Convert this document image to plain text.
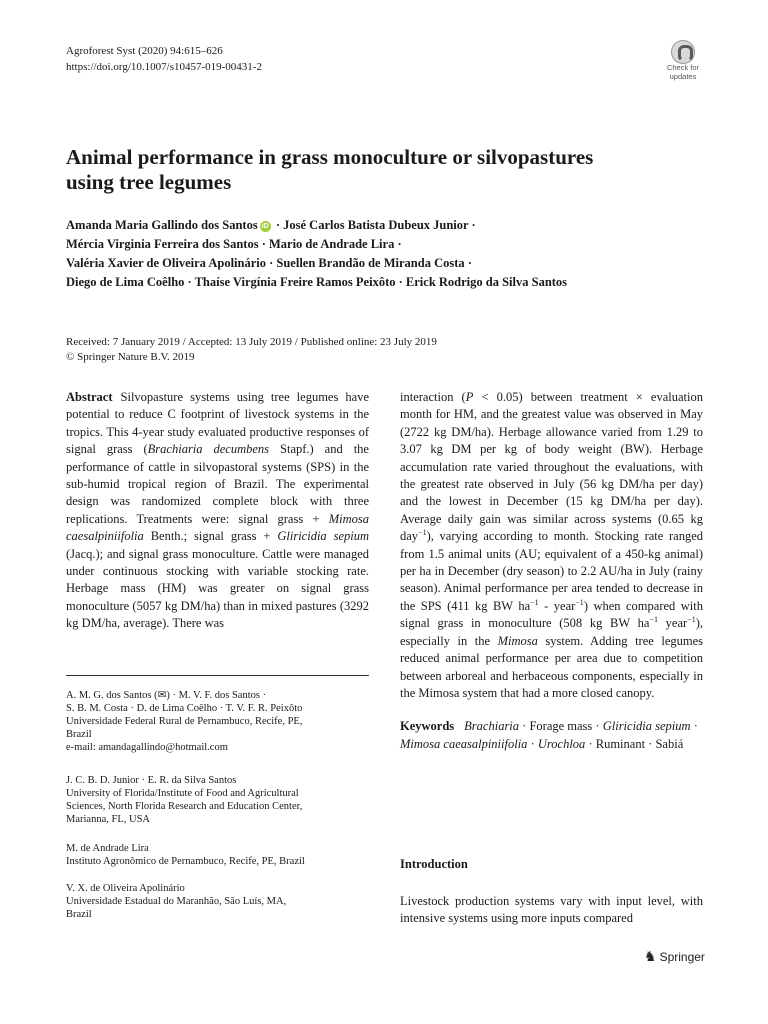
Agroforest Syst (2020) 94:615–626
https://doi.org/10.1007/s10457-019-00431-2	Check for
updates
Animal performance in grass monoculture or silvopastures
using tree legumes
Amanda Maria Gallindo dos Santos iD · José Carlos Batista Dubeux Junior ·
Mércia Virginia Ferreira dos Santos · Mario de Andrade Lira ·
Valéria Xavier de Oliveira Apolinário · Suellen Brandão de Miranda Costa ·
Diego de Lima Coêlho · Thaíse Virgínia Freire Ramos Peixôto · Erick Rodrigo da Silva Santos
Received: 7 January 2019 / Accepted: 13 July 2019 / Published online: 23 July 2019
© Springer Nature B.V. 2019
Abstract Silvopasture systems using tree legumes have potential to reduce C footprint of livestock systems in the tropics. This 4-year study evaluated productive responses of signal grass (Brachiaria decumbens Stapf.) and the performance of cattle in silvopastoral systems (SPS) in the sub-humid tropical region of Brazil. The experimental design was randomized complete block with three replications. Treatments were: signal grass + Mimosa caesalpiniifolia Benth.; signal grass + Gliricidia sepium (Jacq.); and signal grass monoculture. Cattle were managed under continuous stocking with variable stocking rate. Herbage mass (HM) was greater on signal grass monoculture (5057 kg DM/ha) than in mixed pastures (3292 kg DM/ha, average). There was
interaction (P < 0.05) between treatment × evaluation month for HM, and the greatest value was observed in May (2722 kg DM/ha). Herbage allowance varied from 1.29 to 3.07 kg DM per kg of body weight (BW). Herbage accumulation rate varied throughout the evaluations, with the greatest rate observed in July (56 kg DM/ha per day) and the lowest in December (15 kg DM/ha per day). Average daily gain was similar across systems (0.65 kg day$^{-1}$), varying according to month. Stocking rate ranged from 1.5 animal units (AU; equivalent of a 450-kg animal) per ha in December (dry season) to 2.2 AU/ha in July (rainy season). Animal performance per area tended to decrease in the SPS (411 kg BW $ha^{-1}$ - year$^{-1}$) when compared with signal grass in monoculture (508 kg BW $ha^{-1}$ year$^{-1}$), especially in the Mimosa system. Adding tree legumes reduced animal performance per area due to competition between arboreal and herbaceous components, especially in the Mimosa system that had a more closed canopy.
Keywords Brachiaria · Forage mass · Gliricidia sepium · Mimosa caeasalpiniifolia · Urochloa · Ruminant · Sabiá
A. M. G. dos Santos (✉) · M. V. F. dos Santos ·
S. B. M. Costa · D. de Lima Coêlho · T. V. F. R. Peixôto
Universidade Federal Rural de Pernambuco, Recife, PE,
Brazil
e-mail: amandagallindo@hotmail.com
J. C. B. D. Junior · E. R. da Silva Santos
University of Florida/Institute of Food and Agricultural
Sciences, North Florida Research and Education Center,
Marianna, FL, USA
M. de Andrade Lira
Instituto Agronômico de Pernambuco, Recife, PE, Brazil
V. X. de Oliveira Apolinário
Universidade Estadual do Maranhão, São Luís, MA,
Brazil
Introduction
Livestock production systems vary with input level, with intensive systems using more inputs compared
♞ Springer
